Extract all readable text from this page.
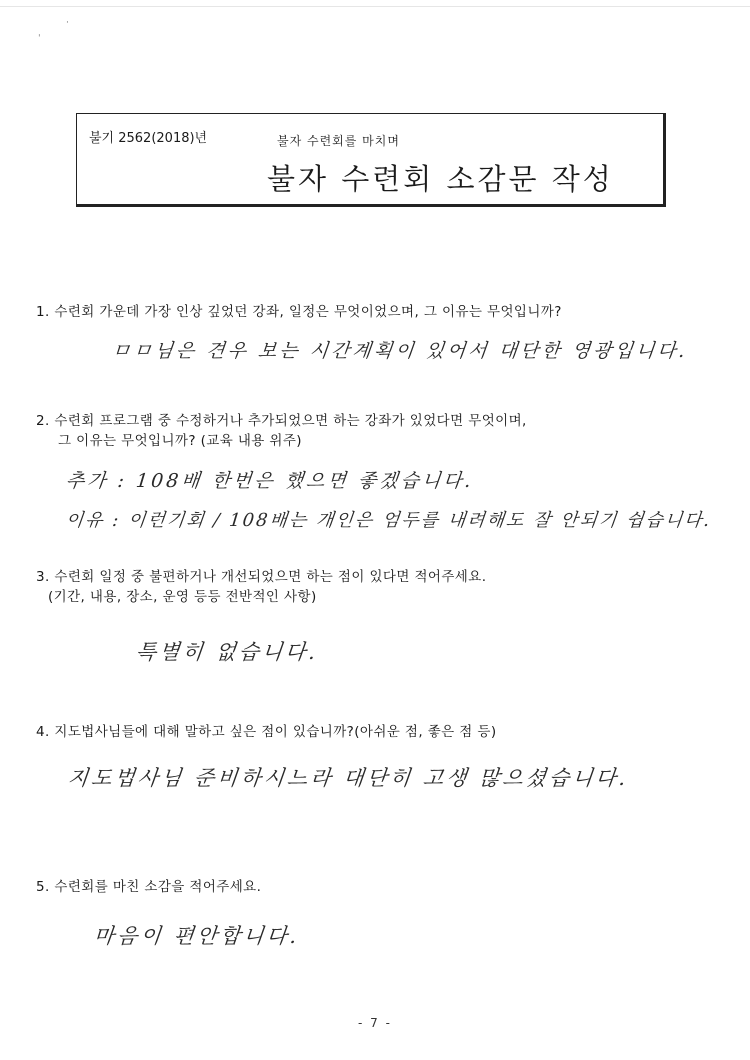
ˈ
·
불기 2562(2018)년	불자 수련회를 마치며
불자 수련회 소감문 작성
1. 수련회 가운데 가장 인상 깊었던 강좌, 일정은 무엇이었으며, 그 이유는 무엇입니까?
ㅁㅁ님은 견우 보는 시간계획이 있어서 대단한 영광입니다.
2. 수련회 프로그램 중 수정하거나 추가되었으면 하는 강좌가 있었다면 무엇이며,
그 이유는 무엇입니까? (교육 내용 위주)
추가 : 108배 한번은 했으면 좋겠습니다.
이유 : 이런기회 / 108배는 개인은 엄두를 내려해도 잘 안되기 쉽습니다.
3. 수련회 일정 중 불편하거나 개선되었으면 하는 점이 있다면 적어주세요.
(기간, 내용, 장소, 운영 등등 전반적인 사항)
특별히 없습니다.
4. 지도법사님들에 대해 말하고 싶은 점이 있습니까?(아쉬운 점, 좋은 점 등)
지도법사님 준비하시느라 대단히 고생 많으셨습니다.
5. 수련회를 마친 소감을 적어주세요.
마음이 편안합니다.
- 7 -
